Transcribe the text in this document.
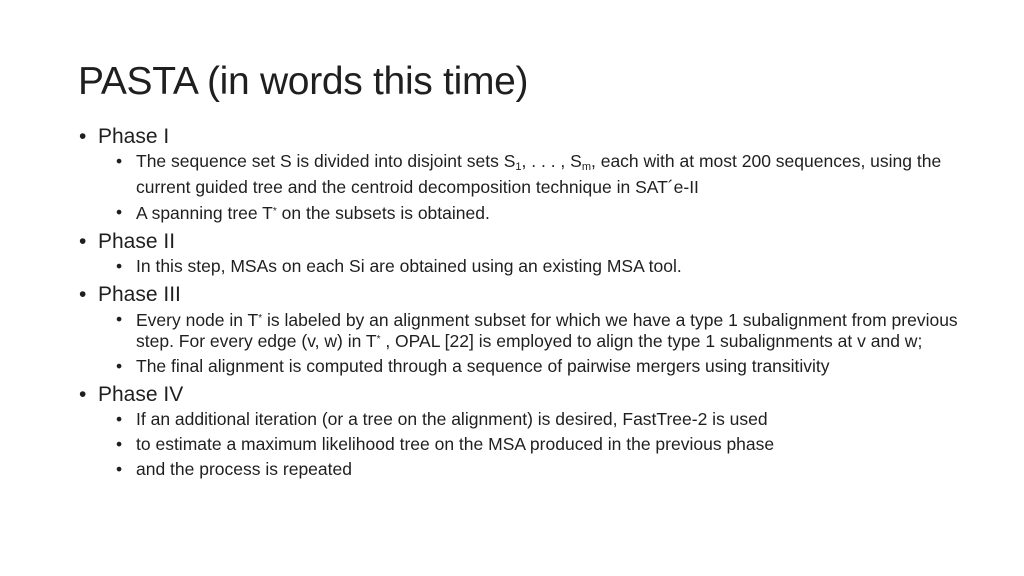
PASTA (in words this time)
• Phase I
• The sequence set S is divided into disjoint sets $S_1$, . . . , $S_m$, each with at most 200 sequences, using the current guided tree and the centroid decomposition technique in SAT´e-II
• A spanning tree T* on the subsets is obtained.
• Phase II
• In this step, MSAs on each Si are obtained using an existing MSA tool.
• Phase III
• Every node in T* is labeled by an alignment subset for which we have a type 1 subalignment from previous step. For every edge (v, w) in T* , OPAL [22] is employed to align the type 1 subalignments at v and w;
• The final alignment is computed through a sequence of pairwise mergers using transitivity
• Phase IV
• If an additional iteration (or a tree on the alignment) is desired, FastTree-2 is used
• to estimate a maximum likelihood tree on the MSA produced in the previous phase
• and the process is repeated
